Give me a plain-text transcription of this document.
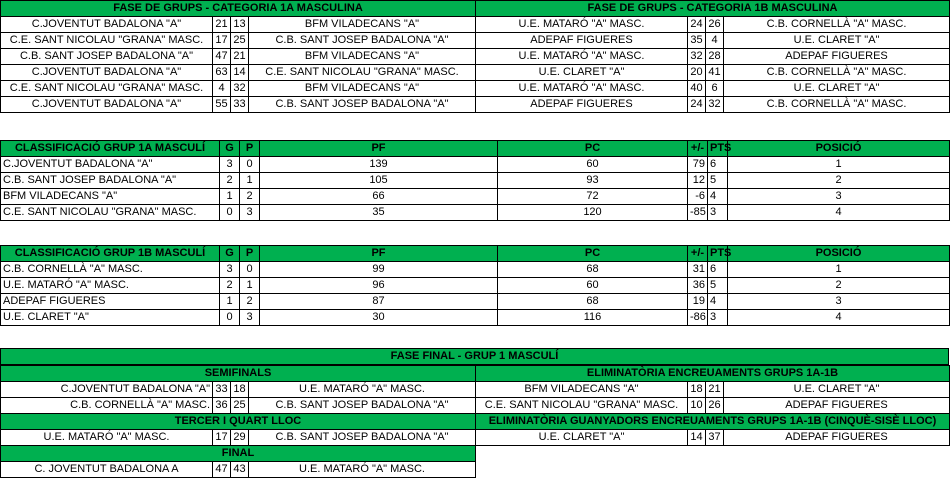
FASE DE GRUPS - CATEGORIA 1A MASCULINA			
C.JOVENTUT BADALONA "A"	21	13	BFM VILADECANS "A"
C.E. SANT NICOLAU "GRANA" MASC.	17	25	C.B. SANT JOSEP BADALONA "A"
C.B. SANT JOSEP BADALONA "A"	47	21	BFM VILADECANS "A"
C.JOVENTUT BADALONA "A"	63	14	C.E. SANT NICOLAU "GRANA" MASC.
C.E. SANT NICOLAU "GRANA" MASC.	4	32	BFM VILADECANS "A"
C.JOVENTUT BADALONA "A"	55	33	C.B. SANT JOSEP BADALONA "A"
FASE DE GRUPS - CATEGORIA 1B MASCULINA			
U.E. MATARÓ "A" MASC.	24	26	C.B. CORNELLÀ "A" MASC.
ADEPAF FIGUERES	35	4	U.E. CLARET "A"
U.E. MATARÓ "A" MASC.	32	28	ADEPAF FIGUERES
U.E. CLARET "A"	20	41	C.B. CORNELLÀ "A" MASC.
U.E. MATARÓ "A" MASC.	40	6	U.E. CLARET "A"
ADEPAF FIGUERES	24	32	C.B. CORNELLÀ "A" MASC.
CLASSIFICACIÓ GRUP 1A MASCULÍ	G	P	PF	PC	+/-	PTS	POSICIÓ
C.JOVENTUT BADALONA "A"	3	0	139	60	79	6	1
C.B. SANT JOSEP BADALONA "A"	2	1	105	93	12	5	2
BFM VILADECANS "A"	1	2	66	72	-6	4	3
C.E. SANT NICOLAU "GRANA" MASC.	0	3	35	120	-85	3	4
CLASSIFICACIÓ GRUP 1B MASCULÍ	G	P	PF	PC	+/-	PTS	POSICIÓ
C.B. CORNELLÀ "A" MASC.	3	0	99	68	31	6	1
U.E. MATARÓ "A" MASC.	2	1	96	60	36	5	2
ADEPAF FIGUERES	1	2	87	68	19	4	3
U.E. CLARET "A"	0	3	30	116	-86	3	4
FASE FINAL - GRUP 1 MASCULÍ
SEMIFINALS			
C.JOVENTUT BADALONA "A"	33	18	U.E. MATARÓ "A" MASC.
C.B. CORNELLÀ "A" MASC.	36	25	C.B. SANT JOSEP BADALONA "A"
TERCER I QUART LLOC			
U.E. MATARÓ "A" MASC.	17	29	C.B. SANT JOSEP BADALONA "A"
FINAL			
C. JOVENTUT BADALONA A	47	43	U.E. MATARÓ "A" MASC.
ELIMINATÒRIA ENCREUAMENTS GRUPS 1A-1B			
BFM VILADECANS "A"	18	21	U.E. CLARET "A"
C.E. SANT NICOLAU "GRANA" MASC.	10	26	ADEPAF FIGUERES
ELIMINATÒRIA GUANYADORS ENCREUAMENTS GRUPS 1A-1B (CINQUÈ-SISÈ LLOC)			
U.E. CLARET "A"	14	37	ADEPAF FIGUERES
